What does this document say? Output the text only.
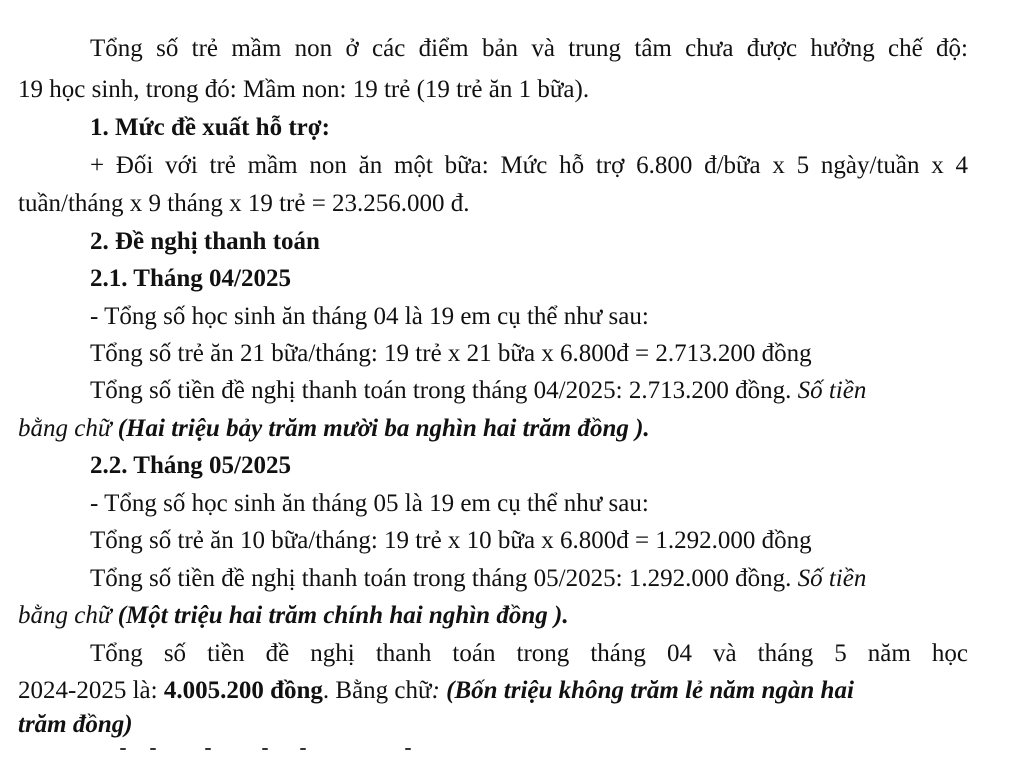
Tổng số trẻ mầm non ở các điểm bản và trung tâm chưa được hưởng chế độ:
19 học sinh, trong đó: Mầm non: 19 trẻ (19 trẻ ăn 1 bữa).
1. Mức đề xuất hỗ trợ:
+ Đối với trẻ mầm non ăn một bữa: Mức hỗ trợ 6.800 đ/bữa x 5 ngày/tuần x 4
tuần/tháng x 9 tháng x 19 trẻ = 23.256.000 đ.
2. Đề nghị thanh toán
2.1. Tháng 04/2025
- Tổng số học sinh ăn tháng 04 là 19 em cụ thể như sau:
Tổng số trẻ ăn 21 bữa/tháng: 19 trẻ x 21 bữa x 6.800đ = 2.713.200 đồng
Tổng số tiền đề nghị thanh toán trong tháng 04/2025: 2.713.200 đồng. Số tiền
bằng chữ (Hai triệu bảy trăm mười ba nghìn hai trăm đồng ).
2.2. Tháng 05/2025
- Tổng số học sinh ăn tháng 05 là 19 em cụ thể như sau:
Tổng số trẻ ăn 10 bữa/tháng: 19 trẻ x 10 bữa x 6.800đ = 1.292.000 đồng
Tổng số tiền đề nghị thanh toán trong tháng 05/2025: 1.292.000 đồng. Số tiền
bằng chữ (Một triệu hai trăm chính hai nghìn đồng ).
Tổng số tiền đề nghị thanh toán trong tháng 04 và tháng 5 năm học
2024-2025 là: 4.005.200 đồng. Bằng chữ: (Bốn triệu không trăm lẻ năm ngàn hai
trăm đồng)
